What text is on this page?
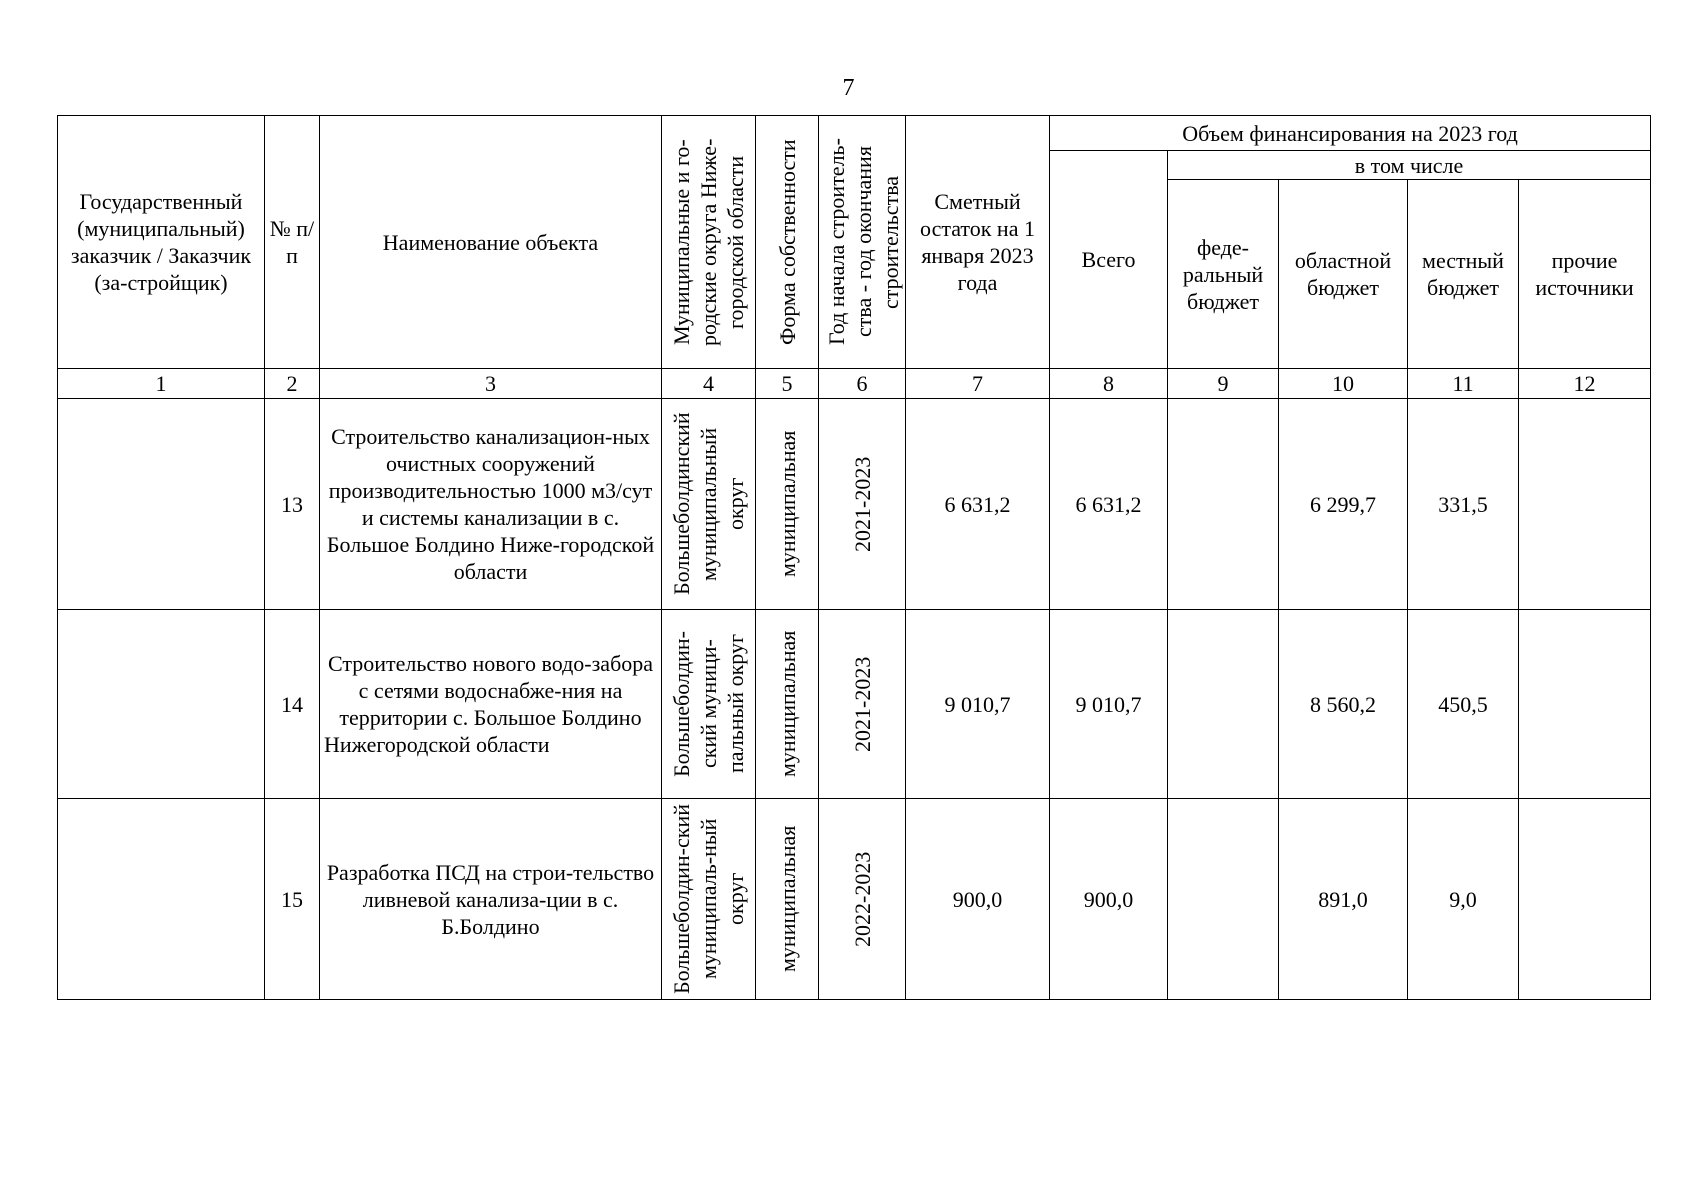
7
Государственный (муниципальный) заказчик / Заказчик (за-стройщик)	№ п/п	Наименование объекта	Муниципальные и го-родские округа Ниже-городской области	Форма собственности	Год начала строитель-ства - год окончания строительства	Сметный остаток на 1 января 2023 года	Объем финансирования на 2023 год				
							Всего	в том числе			
								феде-ральный бюджет	областной бюджет	местный бюджет	прочие источники
1	2	3	4	5	6	7	8	9	10	11	12
	13	Строительство канализацион-ных очистных сооружений производительностью 1000 м3/сут и системы канализации в с. Большое Болдино Ниже-городской области	Большеболдинский муниципальный округ	муниципальная	2021-2023	6 631,2	6 631,2		6 299,7	331,5	
	14	Строительство нового водо-забора с сетями водоснабже-ния на территории с. Большое Болдино Нижегородской области	Большеболдин-ский муници-пальный округ	муниципальная	2021-2023	9 010,7	9 010,7		8 560,2	450,5	
	15	Разработка ПСД на строи-тельство ливневой канализа-ции в с. Б.Болдино	Большеболдин-ский муниципаль-ный округ	муниципальная	2022-2023	900,0	900,0		891,0	9,0	
